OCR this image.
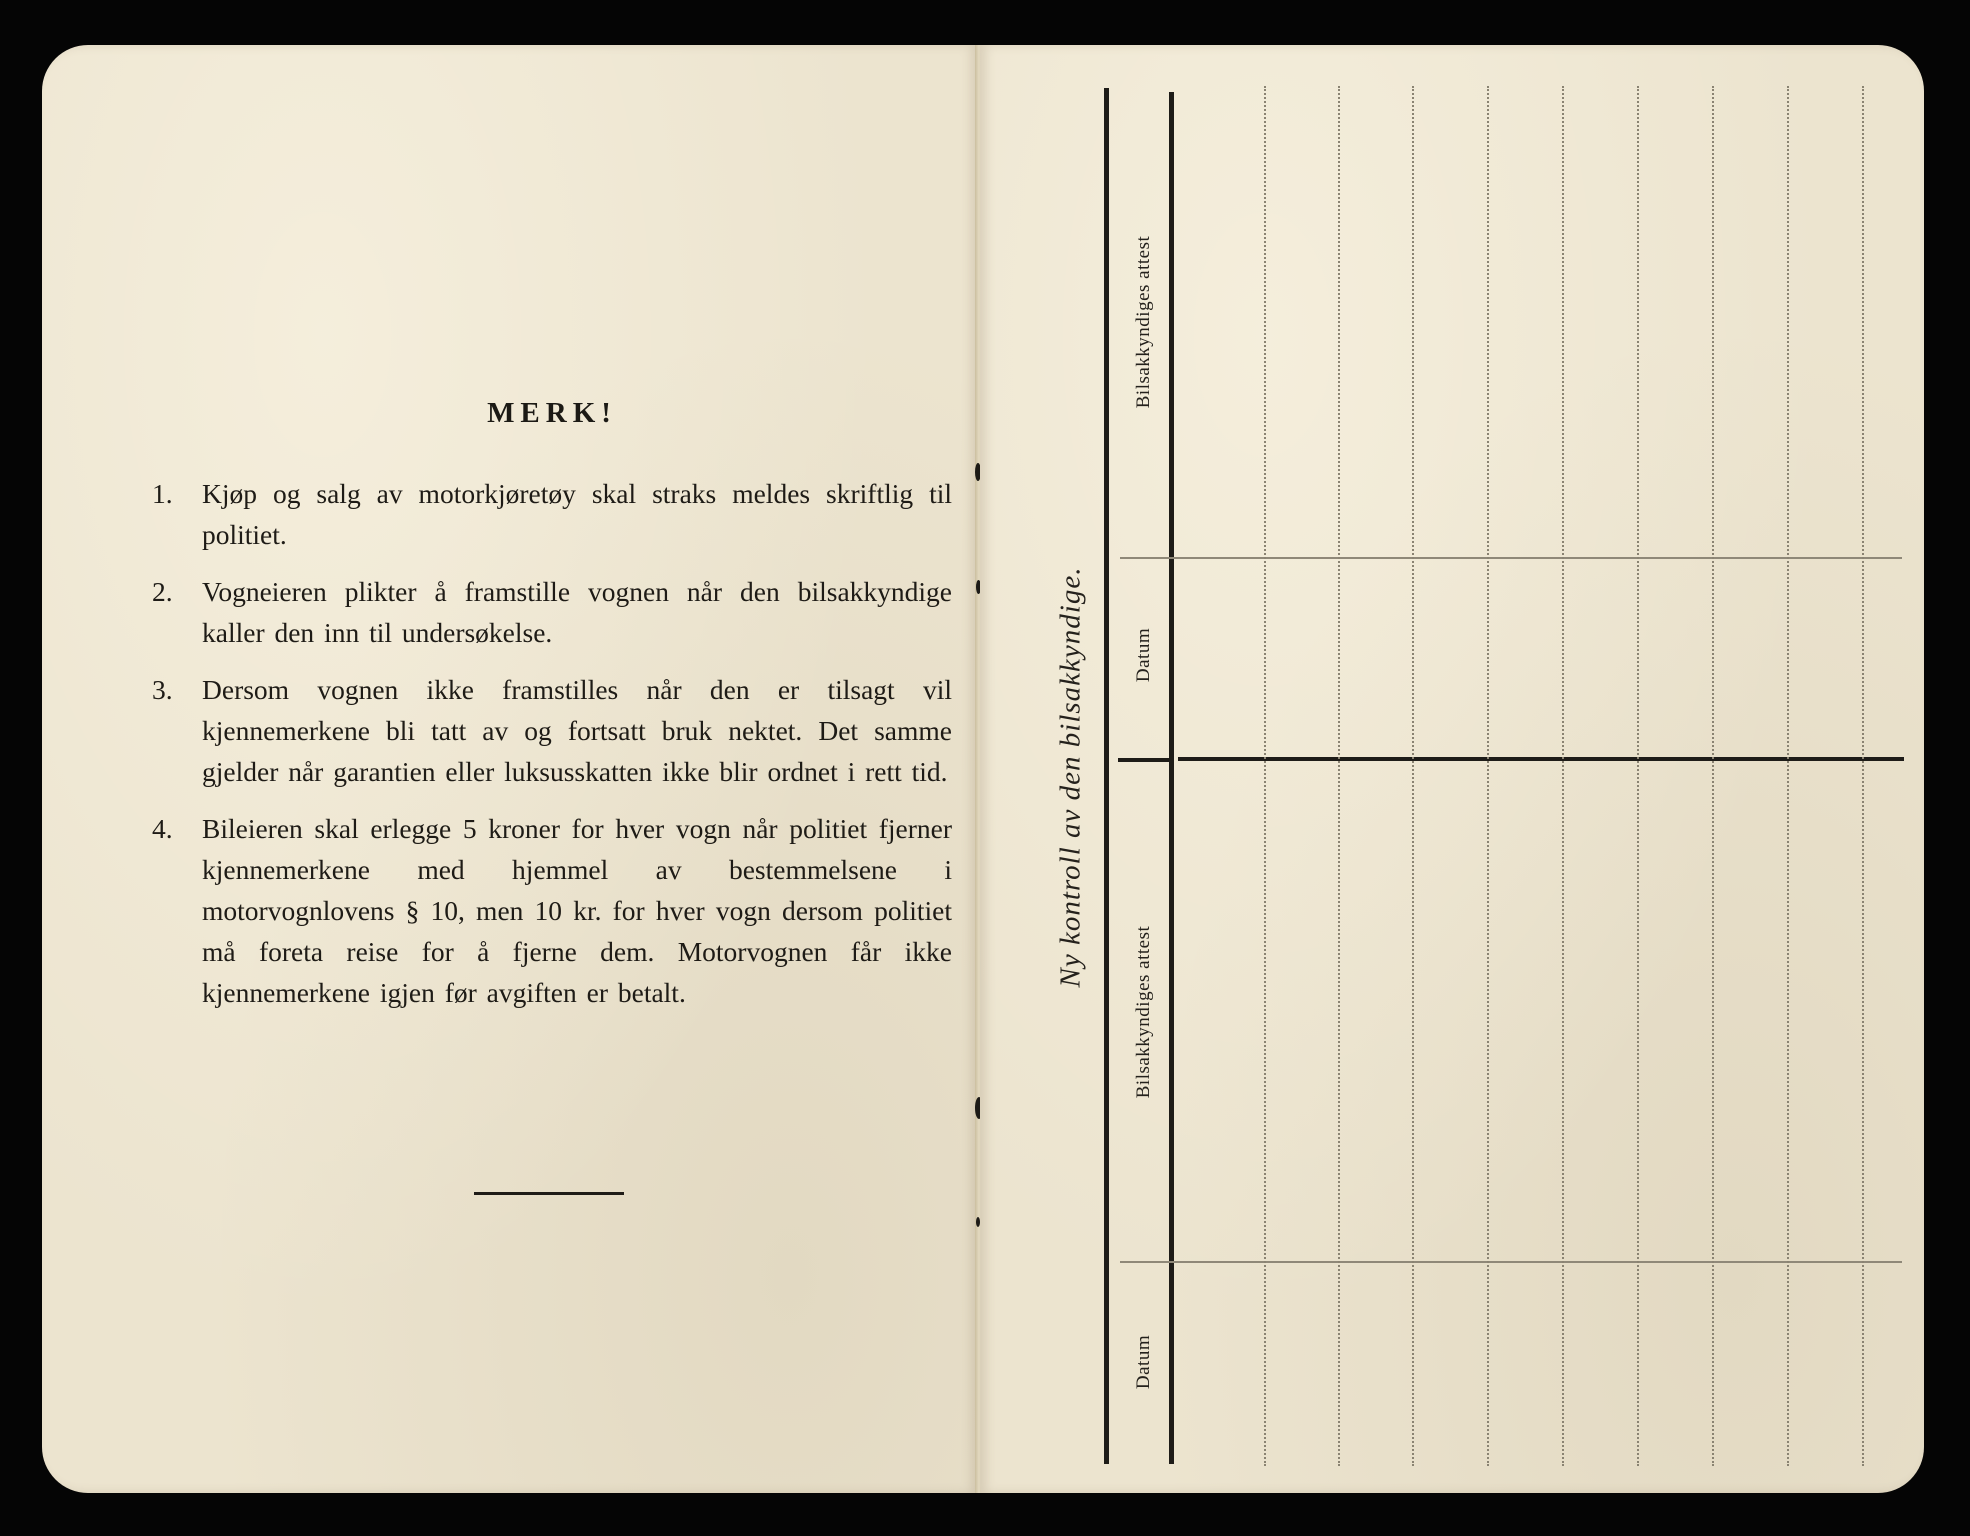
MERK!
1. Kjøp og salg av motorkjøretøy skal straks meldes skriftlig til politiet.
2. Vogneieren plikter å framstille vognen når den bilsakkyndige kaller den inn til undersøkelse.
3. Dersom vognen ikke framstilles når den er tilsagt vil kjennemerkene bli tatt av og fortsatt bruk nektet. Det samme gjelder når garantien eller luksusskatten ikke blir ordnet i rett tid.
4. Bileieren skal erlegge 5 kroner for hver vogn når politiet fjerner kjennemerkene med hjemmel av bestemmelsene i motorvognlovens § 10, men 10 kr. for hver vogn dersom politiet må foreta reise for å fjerne dem. Motorvognen får ikke kjennemerkene igjen før avgiften er betalt.
Ny kontroll av den bilsakkyndige.
Bilsakkyndiges attest
Datum
Bilsakkyndiges attest
Datum
